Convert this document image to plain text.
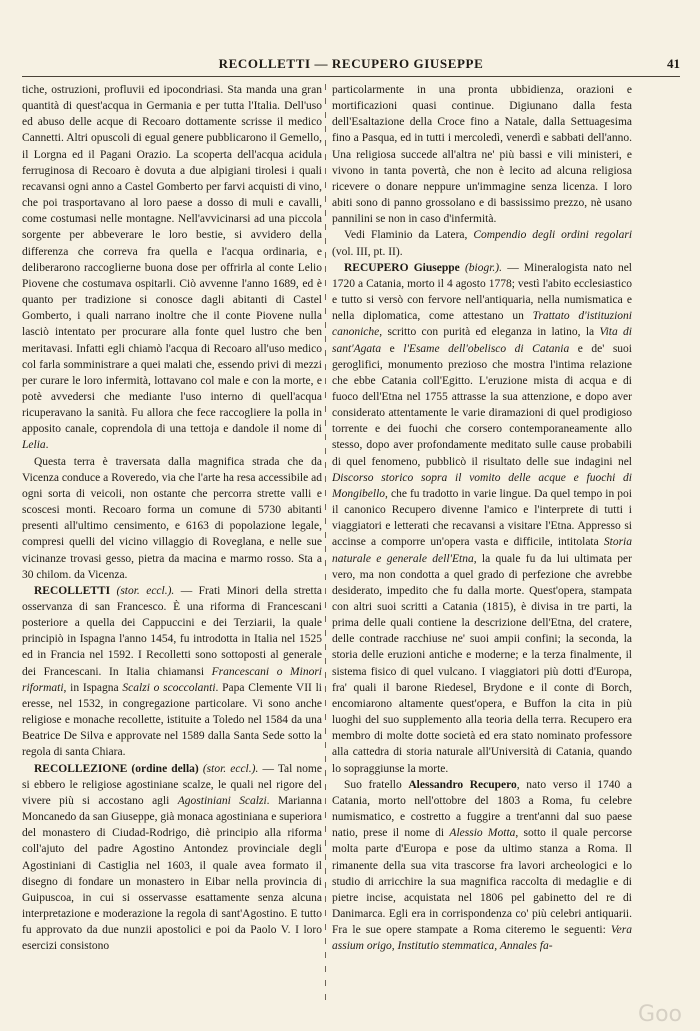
RECOLLETTI — RECUPERO GIUSEPPE	41

tiche, ostruzioni, profluvii ed ipocondriasi. Sta manda una gran quantità di quest'acqua in Germania e per tutta l'Italia. Dell'uso ed abuso delle acque di Recoaro dottamente scrisse il medico Cannetti. Altri opuscoli di egual genere pubblicarono il Gemello, il Lorgna ed il Pagani Orazio. La scoperta dell'acqua acidula ferruginosa di Recoaro è dovuta a due alpigiani tirolesi i quali recavansi ogni anno a Castel Gomberto per farvi acquisti di vino, che poi trasportavano al loro paese a dosso di muli e cavalli, come costumasi nelle montagne. Nell'avvicinarsi ad una piccola sorgente per abbeverare le loro bestie, si avvidero della differenza che correva fra quella e l'acqua ordinaria, e deliberarono raccoglierne buona dose per offrirla al conte Lelio Piovene che costumava ospitarli. Ciò avvenne l'anno 1689, ed è quanto per tradizione si conosce dagli abitanti di Castel Gomberto, i quali narrano inoltre che il conte Piovene nulla lasciò intentato per procurare alla fonte quel lustro che ben meritavasi. Infatti egli chiamò l'acqua di Recoaro all'uso medico col farla somministrare a quei malati che, essendo privi di mezzi per curare le loro infermità, lottavano col male e con la morte, e potè avvedersi che mediante l'uso interno di quell'acqua ricuperavano la sanità. Fu allora che fece raccogliere la polla in apposito canale, coprendola di una tettoja e dandole il nome di Lelia.

Questa terra è traversata dalla magnifica strada che da Vicenza conduce a Roveredo, via che l'arte ha resa accessibile ad ogni sorta di veicoli, non ostante che percorra strette valli e scoscesi monti. Recoaro forma un comune di 5730 abitanti presenti all'ultimo censimento, e 6163 di popolazione legale, compresi quelli del vicino villaggio di Roveglana, e nelle sue vicinanze trovasi gesso, pietra da macina e marmo rosso. Sta a 30 chilom. da Vicenza.

RECOLLETTI (stor. eccl.). — Frati Minori della stretta osservanza di san Francesco. È una riforma di Francescani posteriore a quella dei Cappuccini e dei Terziarii, la quale principiò in Ispagna l'anno 1454, fu introdotta in Italia nel 1525 ed in Francia nel 1592. I Recolletti sono sottoposti al generale dei Francescani. In Italia chiamansi Francescani o Minori riformati, in Ispagna Scalzi o scoccolanti. Papa Clemente VII li eresse, nel 1532, in congregazione particolare. Vi sono anche religiose e monache recollette, istituite a Toledo nel 1584 da una Beatrice De Silva e approvate nel 1589 dalla Santa Sede sotto la regola di santa Chiara.

RECOLLEZIONE (ordine della) (stor. eccl.). — Tal nome si ebbero le religiose agostiniane scalze, le quali nel rigore del vivere più si accostano agli Agostiniani Scalzi. Marianna Moncanedo da san Giuseppe, già monaca agostiniana e superiora del monastero di Ciudad-Rodrigo, diè principio alla riforma coll'ajuto del padre Agostino Antondez provinciale degli Agostiniani di Castiglia nel 1603, il quale avea formato il disegno di fondare un monastero in Eibar nella provincia di Guipuscoa, in cui si osservasse esattamente senza alcuna interpretazione e moderazione la regola di sant'Agostino. E tutto fu approvato da due nunzii apostolici e poi da Paolo V. I loro esercizi consistono

particolarmente in una pronta ubbidienza, orazioni e mortificazioni quasi continue. Digiunano dalla festa dell'Esaltazione della Croce fino a Natale, dalla Settuagesima fino a Pasqua, ed in tutti i mercoledì, venerdì e sabbati dell'anno. Una religiosa succede all'altra ne' più bassi e vili ministeri, e vivono in tanta povertà, che non è lecito ad alcuna religiosa ricevere o donare neppure un'immagine senza licenza. I loro abiti sono di panno grossolano e di bassissimo prezzo, nè usano pannilini se non in caso d'infermità.

Vedi Flaminio da Latera, Compendio degli ordini regolari (vol. III, pt. II).

RECUPERO Giuseppe (biogr.). — Mineralogista nato nel 1720 a Catania, morto il 4 agosto 1778; vestì l'abito ecclesiastico e tutto si versò con fervore nell'antiquaria, nella numismatica e nella diplomatica, come attestano un Trattato d'istituzioni canoniche, scritto con purità ed eleganza in latino, la Vita di sant'Agata e l'Esame dell'obelisco di Catania e de' suoi geroglifici, monumento prezioso che mostra l'intima relazione che ebbe Catania coll'Egitto. L'eruzione mista di acqua e di fuoco dell'Etna nel 1755 attrasse la sua attenzione, e dopo aver considerato attentamente le varie diramazioni di quel prodigioso torrente e dei fuochi che corsero contemporaneamente allo stesso, dopo aver profondamente meditato sulle cause probabili di quel fenomeno, pubblicò il risultato delle sue indagini nel Discorso storico sopra il vomito delle acque e fuochi di Mongibello, che fu tradotto in varie lingue. Da quel tempo in poi il canonico Recupero divenne l'amico e l'interprete di tutti i viaggiatori e letterati che recavansi a visitare l'Etna. Appresso si accinse a comporre un'opera vasta e difficile, intitolata Storia naturale e generale dell'Etna, la quale fu da lui ultimata per vero, ma non condotta a quel grado di perfezione che avrebbe desiderato, impedito che fu dalla morte. Quest'opera, stampata con altri suoi scritti a Catania (1815), è divisa in tre parti, la prima delle quali contiene la descrizione dell'Etna, del cratere, delle contrade racchiuse ne' suoi ampii confini; la seconda, la storia delle eruzioni antiche e moderne; e la terza finalmente, il sistema fisico di quel vulcano. I viaggiatori più dotti d'Europa, fra' quali il barone Riedesel, Brydone e il conte di Borch, encomiarono altamente quest'opera, e Buffon la cita in più luoghi del suo supplemento alla teoria della terra. Recupero era membro di molte dotte società ed era stato nominato professore alla cattedra di storia naturale all'Università di Catania, quando lo sopraggiunse la morte.

Suo fratello Alessandro Recupero, nato verso il 1740 a Catania, morto nell'ottobre del 1803 a Roma, fu celebre numismatico, e costretto a fuggire a trent'anni dal suo paese natio, prese il nome di Alessio Motta, sotto il quale percorse molta parte d'Europa e pose da ultimo stanza a Roma. Il rimanente della sua vita trascorse fra lavori archeologici e lo studio di arricchire la sua magnifica raccolta di medaglie e di pietre incise, acquistata nel 1806 pel gabinetto del re di Danimarca. Egli era in corrispondenza co' più celebri antiquarii. Fra le sue opere stampate a Roma citeremo le seguenti: Vera assium origo, Institutio stemmatica, Annales fa-

Goo
